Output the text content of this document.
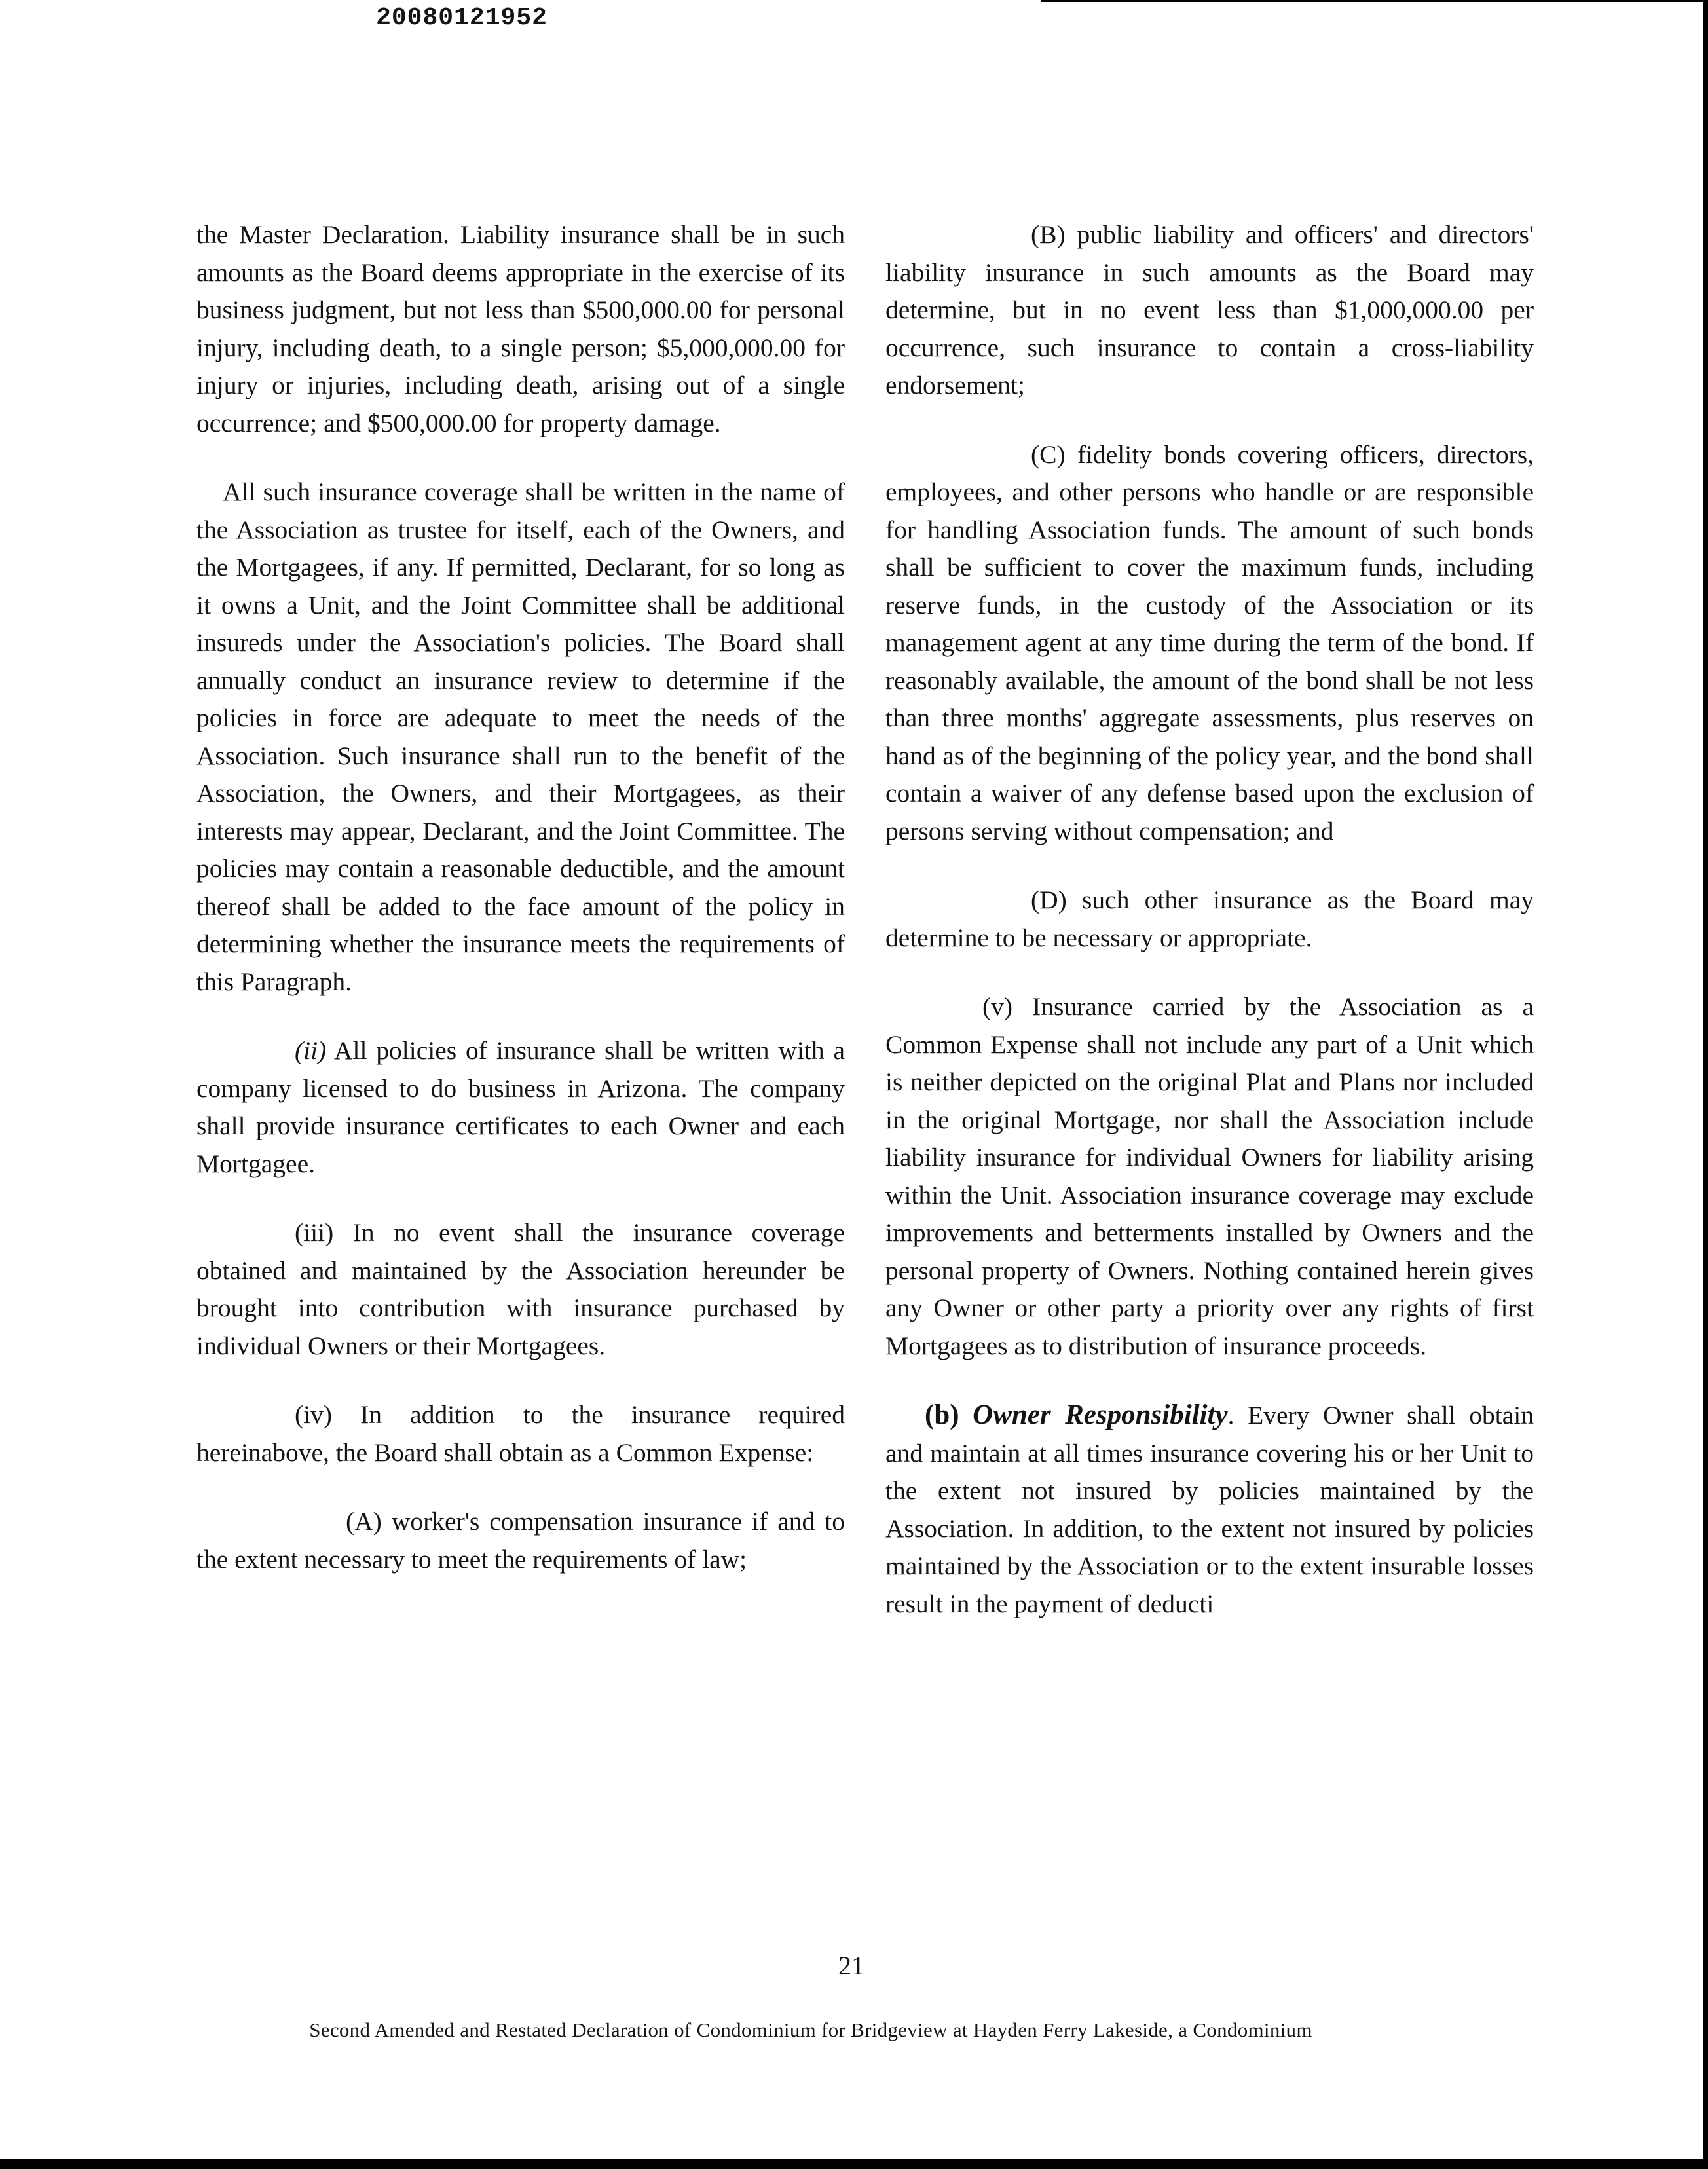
20080121952

the Master Declaration. Liability insurance shall be in such amounts as the Board deems appropriate in the exercise of its business judgment, but not less than $500,000.00 for personal injury, including death, to a single person; $5,000,000.00 for injury or injuries, including death, arising out of a single occurrence; and $500,000.00 for property damage.

All such insurance coverage shall be written in the name of the Association as trustee for itself, each of the Owners, and the Mortgagees, if any. If permitted, Declarant, for so long as it owns a Unit, and the Joint Committee shall be additional insureds under the Association's policies. The Board shall annually conduct an insurance review to determine if the policies in force are adequate to meet the needs of the Association. Such insurance shall run to the benefit of the Association, the Owners, and their Mortgagees, as their interests may appear, Declarant, and the Joint Committee. The policies may contain a reasonable deductible, and the amount thereof shall be added to the face amount of the policy in determining whether the insurance meets the requirements of this Paragraph.

(ii) All policies of insurance shall be written with a company licensed to do business in Arizona. The company shall provide insurance certificates to each Owner and each Mortgagee.

(iii) In no event shall the insurance coverage obtained and maintained by the Association hereunder be brought into contribution with insurance purchased by individual Owners or their Mortgagees.

(iv) In addition to the insurance required hereinabove, the Board shall obtain as a Common Expense:

(A) worker's compensation insurance if and to the extent necessary to meet the requirements of law;

(B) public liability and officers' and directors' liability insurance in such amounts as the Board may determine, but in no event less than $1,000,000.00 per occurrence, such insurance to contain a cross-liability endorsement;

(C) fidelity bonds covering officers, directors, employees, and other persons who handle or are responsible for handling Association funds. The amount of such bonds shall be sufficient to cover the maximum funds, including reserve funds, in the custody of the Association or its management agent at any time during the term of the bond. If reasonably available, the amount of the bond shall be not less than three months' aggregate assessments, plus reserves on hand as of the beginning of the policy year, and the bond shall contain a waiver of any defense based upon the exclusion of persons serving without compensation; and

(D) such other insurance as the Board may determine to be necessary or appropriate.

(v) Insurance carried by the Association as a Common Expense shall not include any part of a Unit which is neither depicted on the original Plat and Plans nor included in the original Mortgage, nor shall the Association include liability insurance for individual Owners for liability arising within the Unit. Association insurance coverage may exclude improvements and betterments installed by Owners and the personal property of Owners. Nothing contained herein gives any Owner or other party a priority over any rights of first Mortgagees as to distribution of insurance proceeds.

(b) Owner Responsibility. Every Owner shall obtain and maintain at all times insurance covering his or her Unit to the extent not insured by policies maintained by the Association. In addition, to the extent not insured by policies maintained by the Association or to the extent insurable losses result in the payment of deducti

21
Second Amended and Restated Declaration of Condominium for Bridgeview at Hayden Ferry Lakeside, a Condominium
